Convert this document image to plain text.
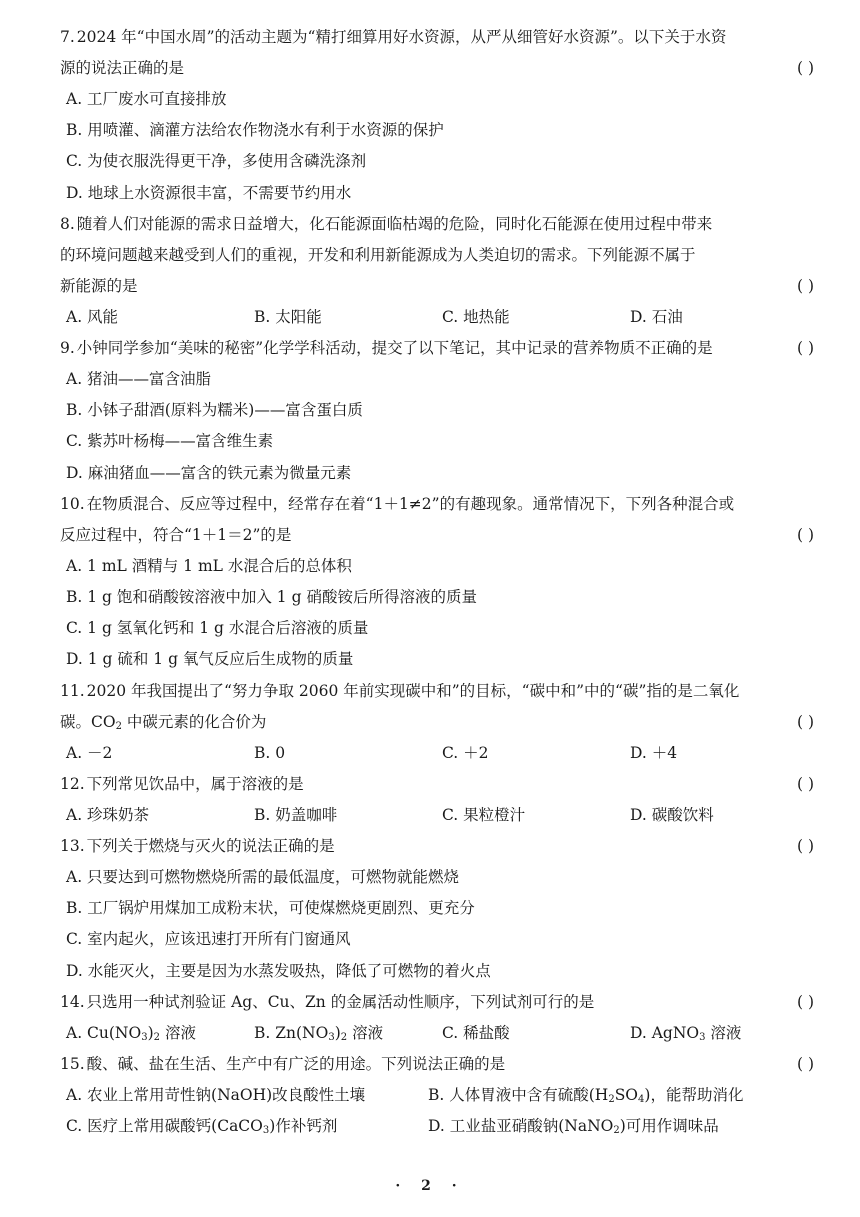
7. 2024 年“中国水周”的活动主题为“精打细算用好水资源，从严从细管好水资源”。以下关于水资
源的说法正确的是	( )
A. 工厂废水可直接排放
B. 用喷灌、滴灌方法给农作物浇水有利于水资源的保护
C. 为使衣服洗得更干净，多使用含磷洗涤剂
D. 地球上水资源很丰富，不需要节约用水
8. 随着人们对能源的需求日益增大，化石能源面临枯竭的危险，同时化石能源在使用过程中带来
的环境问题越来越受到人们的重视，开发和利用新能源成为人类迫切的需求。下列能源不属于
新能源的是	( )
A. 风能	B. 太阳能	C. 地热能	D. 石油
9. 小钟同学参加“美味的秘密”化学学科活动，提交了以下笔记，其中记录的营养物质不正确的是	( )
A. 猪油——富含油脂
B. 小钵子甜酒(原料为糯米)——富含蛋白质
C. 紫苏叶杨梅——富含维生素
D. 麻油猪血——富含的铁元素为微量元素
10. 在物质混合、反应等过程中，经常存在着“1＋1≠2”的有趣现象。通常情况下，下列各种混合或
反应过程中，符合“1＋1＝2”的是	( )
A. 1 mL 酒精与 1 mL 水混合后的总体积
B. 1 g 饱和硝酸铵溶液中加入 1 g 硝酸铵后所得溶液的质量
C. 1 g 氢氧化钙和 1 g 水混合后溶液的质量
D. 1 g 硫和 1 g 氧气反应后生成物的质量
11. 2020 年我国提出了“努力争取 2060 年前实现碳中和”的目标，“碳中和”中的“碳”指的是二氧化
碳。$CO_2$ 中碳元素的化合价为	( )
A. －2	B. 0	C. ＋2	D. ＋4
12. 下列常见饮品中，属于溶液的是	( )
A. 珍珠奶茶	B. 奶盖咖啡	C. 果粒橙汁	D. 碳酸饮料
13. 下列关于燃烧与灭火的说法正确的是	( )
A. 只要达到可燃物燃烧所需的最低温度，可燃物就能燃烧
B. 工厂锅炉用煤加工成粉末状，可使煤燃烧更剧烈、更充分
C. 室内起火，应该迅速打开所有门窗通风
D. 水能灭火，主要是因为水蒸发吸热，降低了可燃物的着火点
14. 只选用一种试剂验证 Ag、Cu、Zn 的金属活动性顺序，下列试剂可行的是	( )
A. $Cu(NO_3)_2$ 溶液	B. $Zn(NO_3)_2$ 溶液	C. 稀盐酸	D. AgNO$_3$ 溶液
15. 酸、碱、盐在生活、生产中有广泛的用途。下列说法正确的是	( )
A. 农业上常用苛性钠(NaOH)改良酸性土壤	B. 人体胃液中含有硫酸$(H_2SO_4)$，能帮助消化
C. 医疗上常用碳酸钙(CaCO$_3$)作补钙剂	D. 工业盐亚硝酸钠(NaNO$_2$)可用作调味品
· 2 ·
